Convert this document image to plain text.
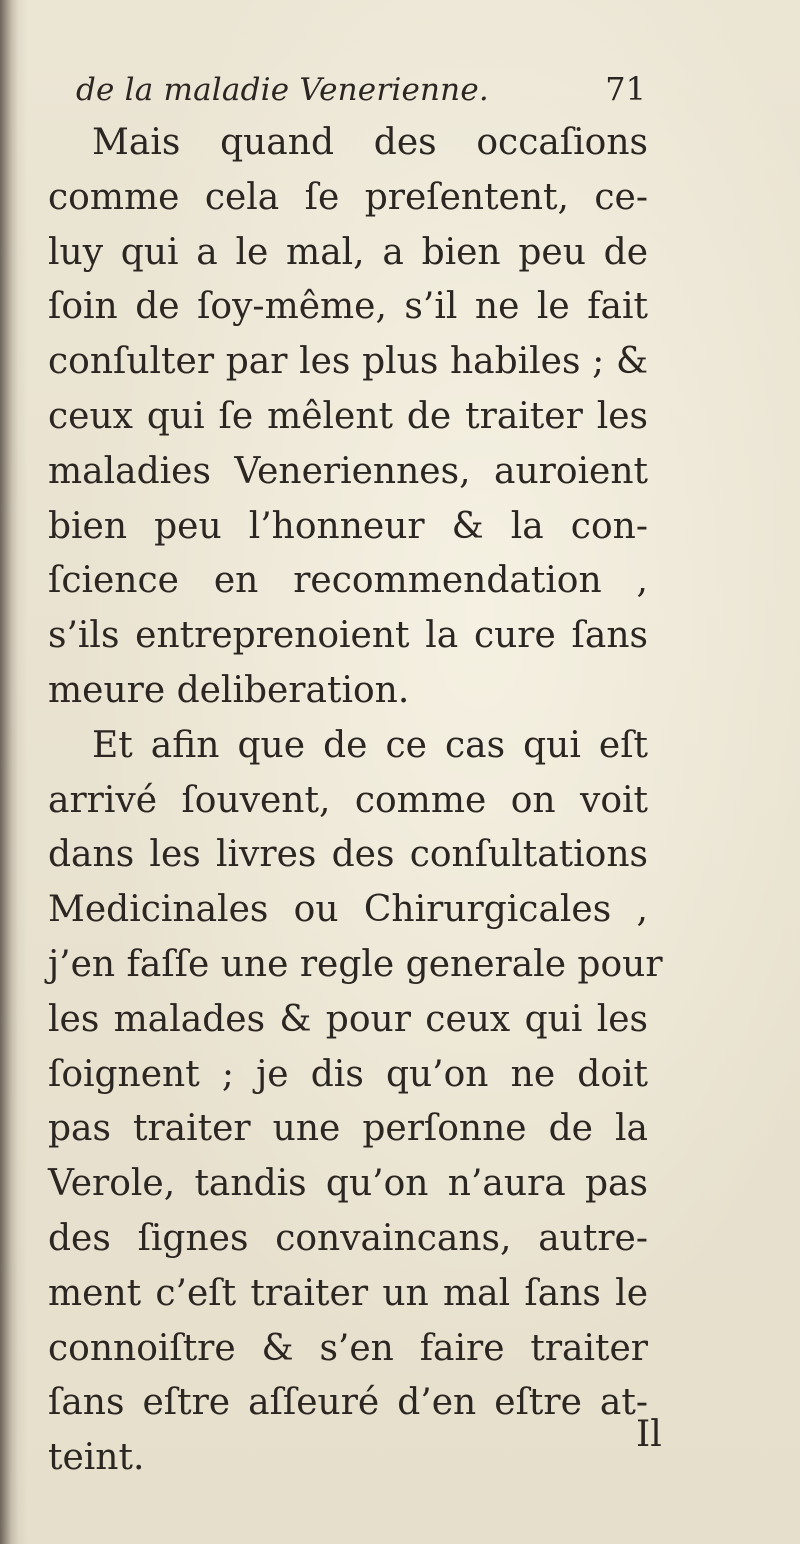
de la maladie Venerienne.	71
Mais quand des occaſions
comme cela ſe preſentent, ce-
luy qui a le mal, a bien peu de
ſoin de ſoy-même, s’il ne le fait
conſulter par les plus habiles ; &
ceux qui ſe mêlent de traiter les
maladies Veneriennes, auroient
bien peu l’honneur & la con-
ſcience en recommendation ,
s’ils entreprenoient la cure ſans
meure deliberation.
Et afin que de ce cas qui eſt
arrivé ſouvent, comme on voit
dans les livres des conſultations
Medicinales ou Chirurgicales ,
j’en faſſe une regle generale pour
les malades & pour ceux qui les
ſoignent ; je dis qu’on ne doit
pas traiter une perſonne de la
Verole, tandis qu’on n’aura pas
des ſignes convaincans, autre-
ment c’eſt traiter un mal ſans le
connoiſtre & s’en faire traiter
ſans eſtre aſſeuré d’en eſtre at-
teint.
Il
